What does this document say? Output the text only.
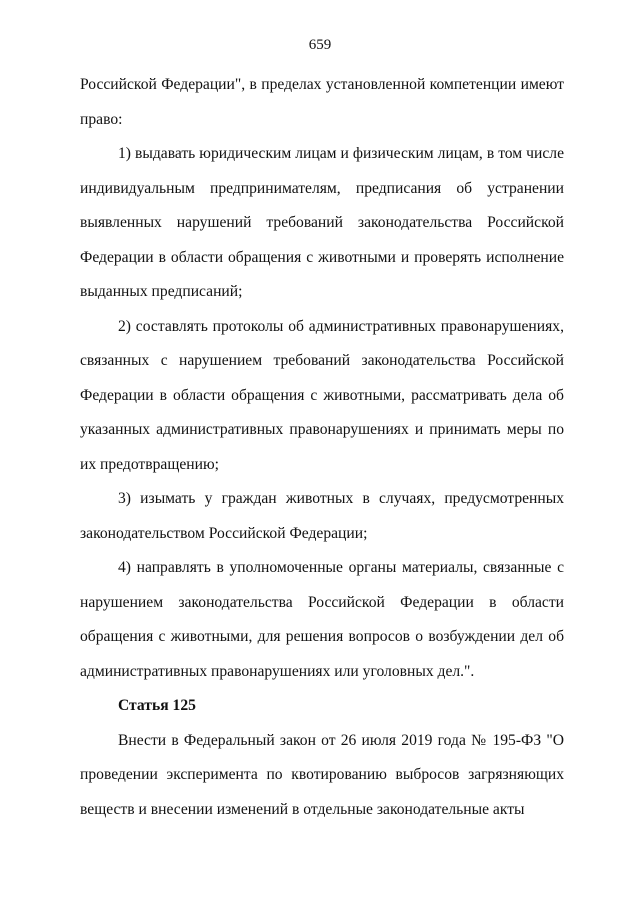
659

Российской Федерации", в пределах установленной компетенции имеют право:

1) выдавать юридическим лицам и физическим лицам, в том числе индивидуальным предпринимателям, предписания об устранении выявленных нарушений требований законодательства Российской Федерации в области обращения с животными и проверять исполнение выданных предписаний;

2) составлять протоколы об административных правонарушениях, связанных с нарушением требований законодательства Российской Федерации в области обращения с животными, рассматривать дела об указанных административных правонарушениях и принимать меры по их предотвращению;

3) изымать у граждан животных в случаях, предусмотренных законодательством Российской Федерации;

4) направлять в уполномоченные органы материалы, связанные с нарушением законодательства Российской Федерации в области обращения с животными, для решения вопросов о возбуждении дел об административных правонарушениях или уголовных дел.".

Статья 125

Внести в Федеральный закон от 26 июля 2019 года № 195-ФЗ "О проведении эксперимента по квотированию выбросов загрязняющих веществ и внесении изменений в отдельные законодательные акты
